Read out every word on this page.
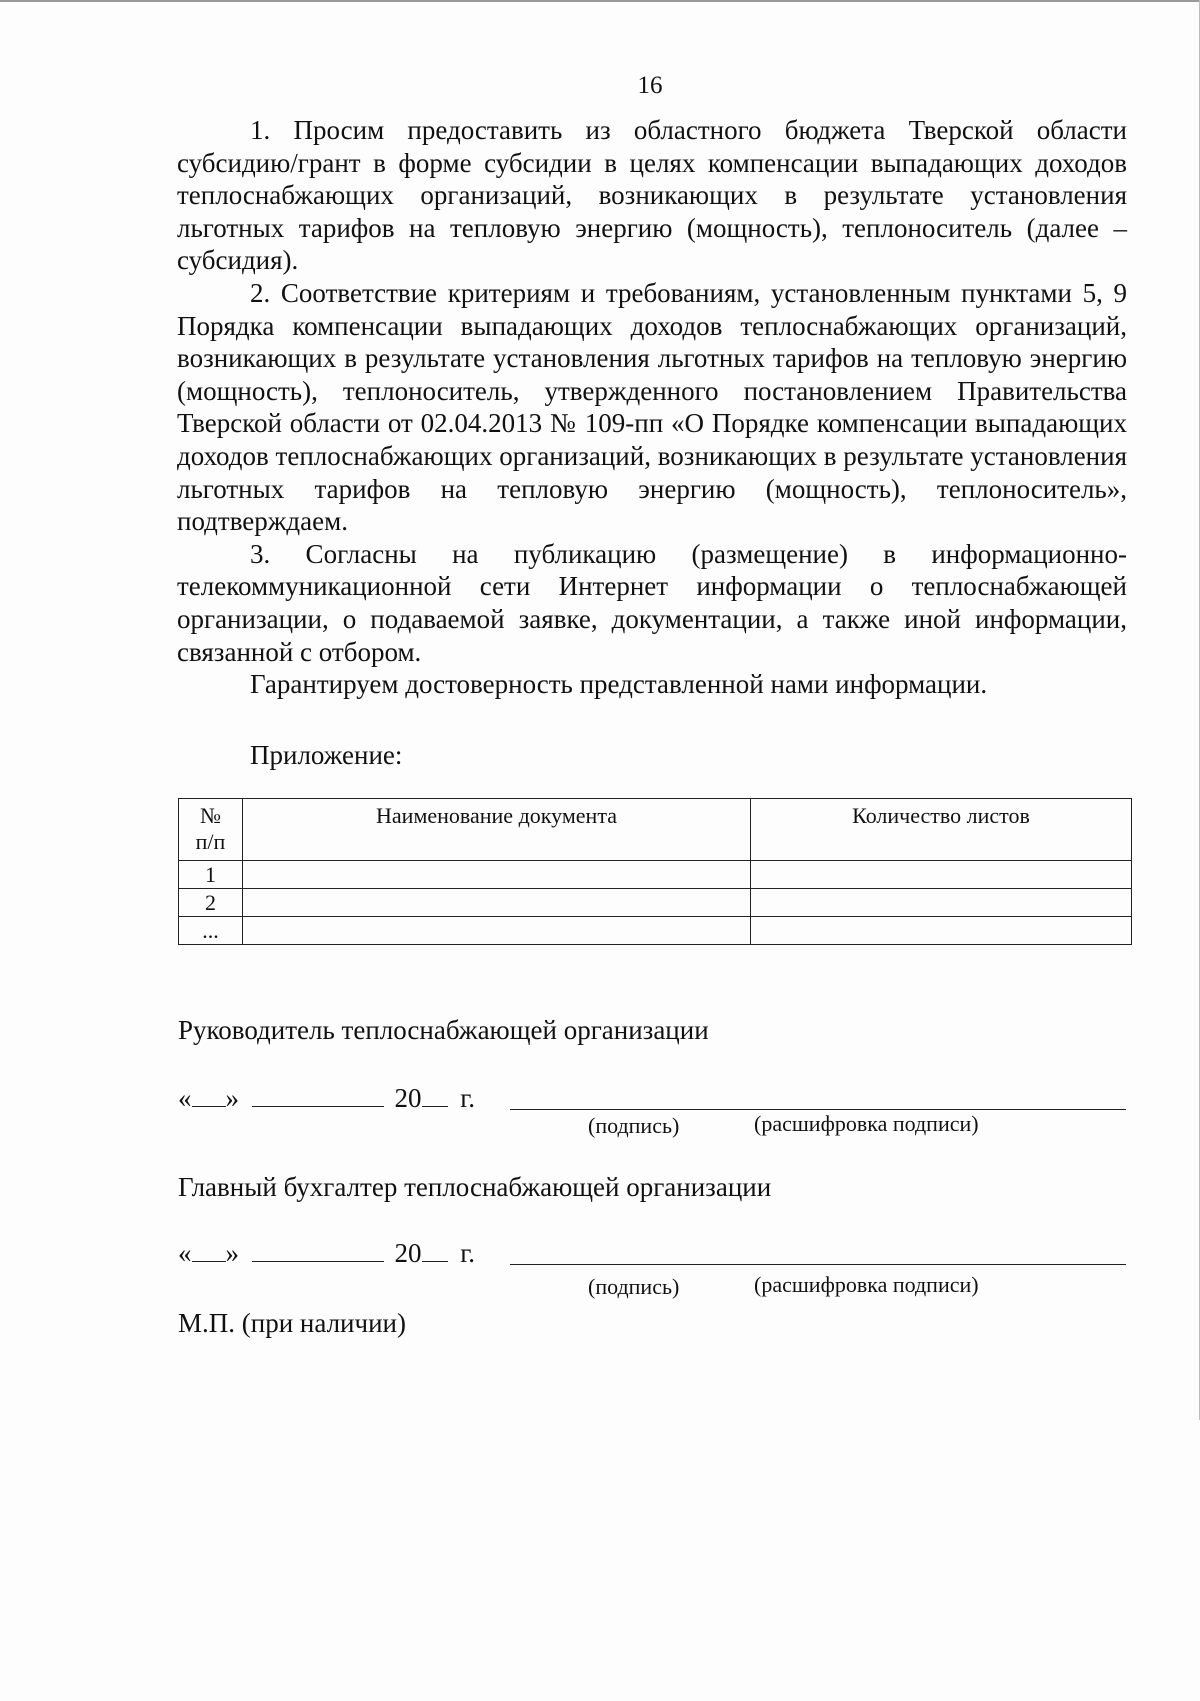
16

1. Просим предоставить из областного бюджета Тверской области субсидию/грант в форме субсидии в целях компенсации выпадающих доходов теплоснабжающих организаций, возникающих в результате установления льготных тарифов на тепловую энергию (мощность), теплоноситель (далее – субсидия).

2. Соответствие критериям и требованиям, установленным пунктами 5, 9 Порядка компенсации выпадающих доходов теплоснабжающих организаций, возникающих в результате установления льготных тарифов на тепловую энергию (мощность), теплоноситель, утвержденного постановлением Правительства Тверской области от 02.04.2013 № 109-пп «О Порядке компенсации выпадающих доходов теплоснабжающих организаций, возникающих в результате установления льготных тарифов на тепловую энергию (мощность), теплоноситель», подтверждаем.

3. Согласны на публикацию (размещение) в информационно-телекоммуникационной сети Интернет информации о теплоснабжающей организации, о подаваемой заявке, документации, а также иной информации, связанной с отбором.

Гарантируем достоверность представленной нами информации.

Приложение:
№ п/п	Наименование документа	Количество листов
1		
2		
...		
Руководитель теплоснабжающей организации
« »	20 г.
(подпись)	(расшифровка подписи)
Главный бухгалтер теплоснабжающей организации
« »	20 г.
(подпись)	(расшифровка подписи)
М.П. (при наличии)
